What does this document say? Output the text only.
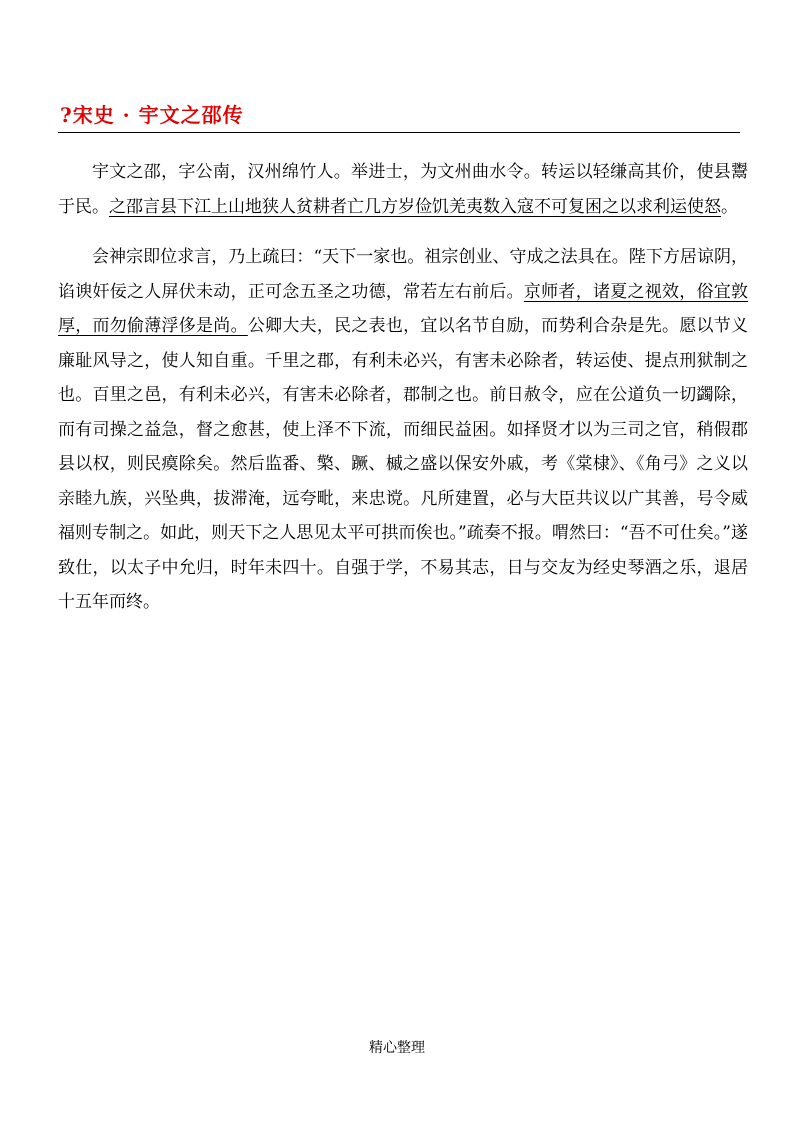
?宋史 · 宇文之邵传

宇文之邵，字公南，汉州绵竹人。举进士，为文州曲水令。转运以轻缣高其价，使县鬻于民。之邵言县下江上山地狭人贫耕者亡几方岁俭饥羌夷数入寇不可复困之以求利运使怒。

会神宗即位求言，乃上疏曰：“天下一家也。祖宗创业、守成之法具在。陛下方居谅阴，谄谀奸佞之人屏伏未动，正可念五圣之功德，常若左右前后。京师者，诸夏之视效，俗宜敦厚，而勿偷薄浮侈是尚。公卿大夫，民之表也，宜以名节自励，而势利合杂是先。愿以节义廉耻风导之，使人知自重。千里之郡，有利未必兴，有害未必除者，转运使、提点刑狱制之也。百里之邑，有利未必兴，有害未必除者，郡制之也。前日赦令，应在公道负一切蠲除，而有司操之益急，督之愈甚，使上泽不下流，而细民益困。如择贤才以为三司之官，稍假郡县以权，则民瘼除矣。然后监番、檠、蹶、槭之盛以保安外戚，考《棠棣》、《角弓》之义以亲睦九族，兴坠典，拔滞淹，远夸毗，来忠谠。凡所建置，必与大臣共议以广其善，号令威福则专制之。如此，则天下之人思见太平可拱而俟也。”疏奏不报。喟然曰：“吾不可仕矣。”遂致仕，以太子中允归，时年未四十。自强于学，不易其志，日与交友为经史琴酒之乐，退居十五年而终。

精心整理
